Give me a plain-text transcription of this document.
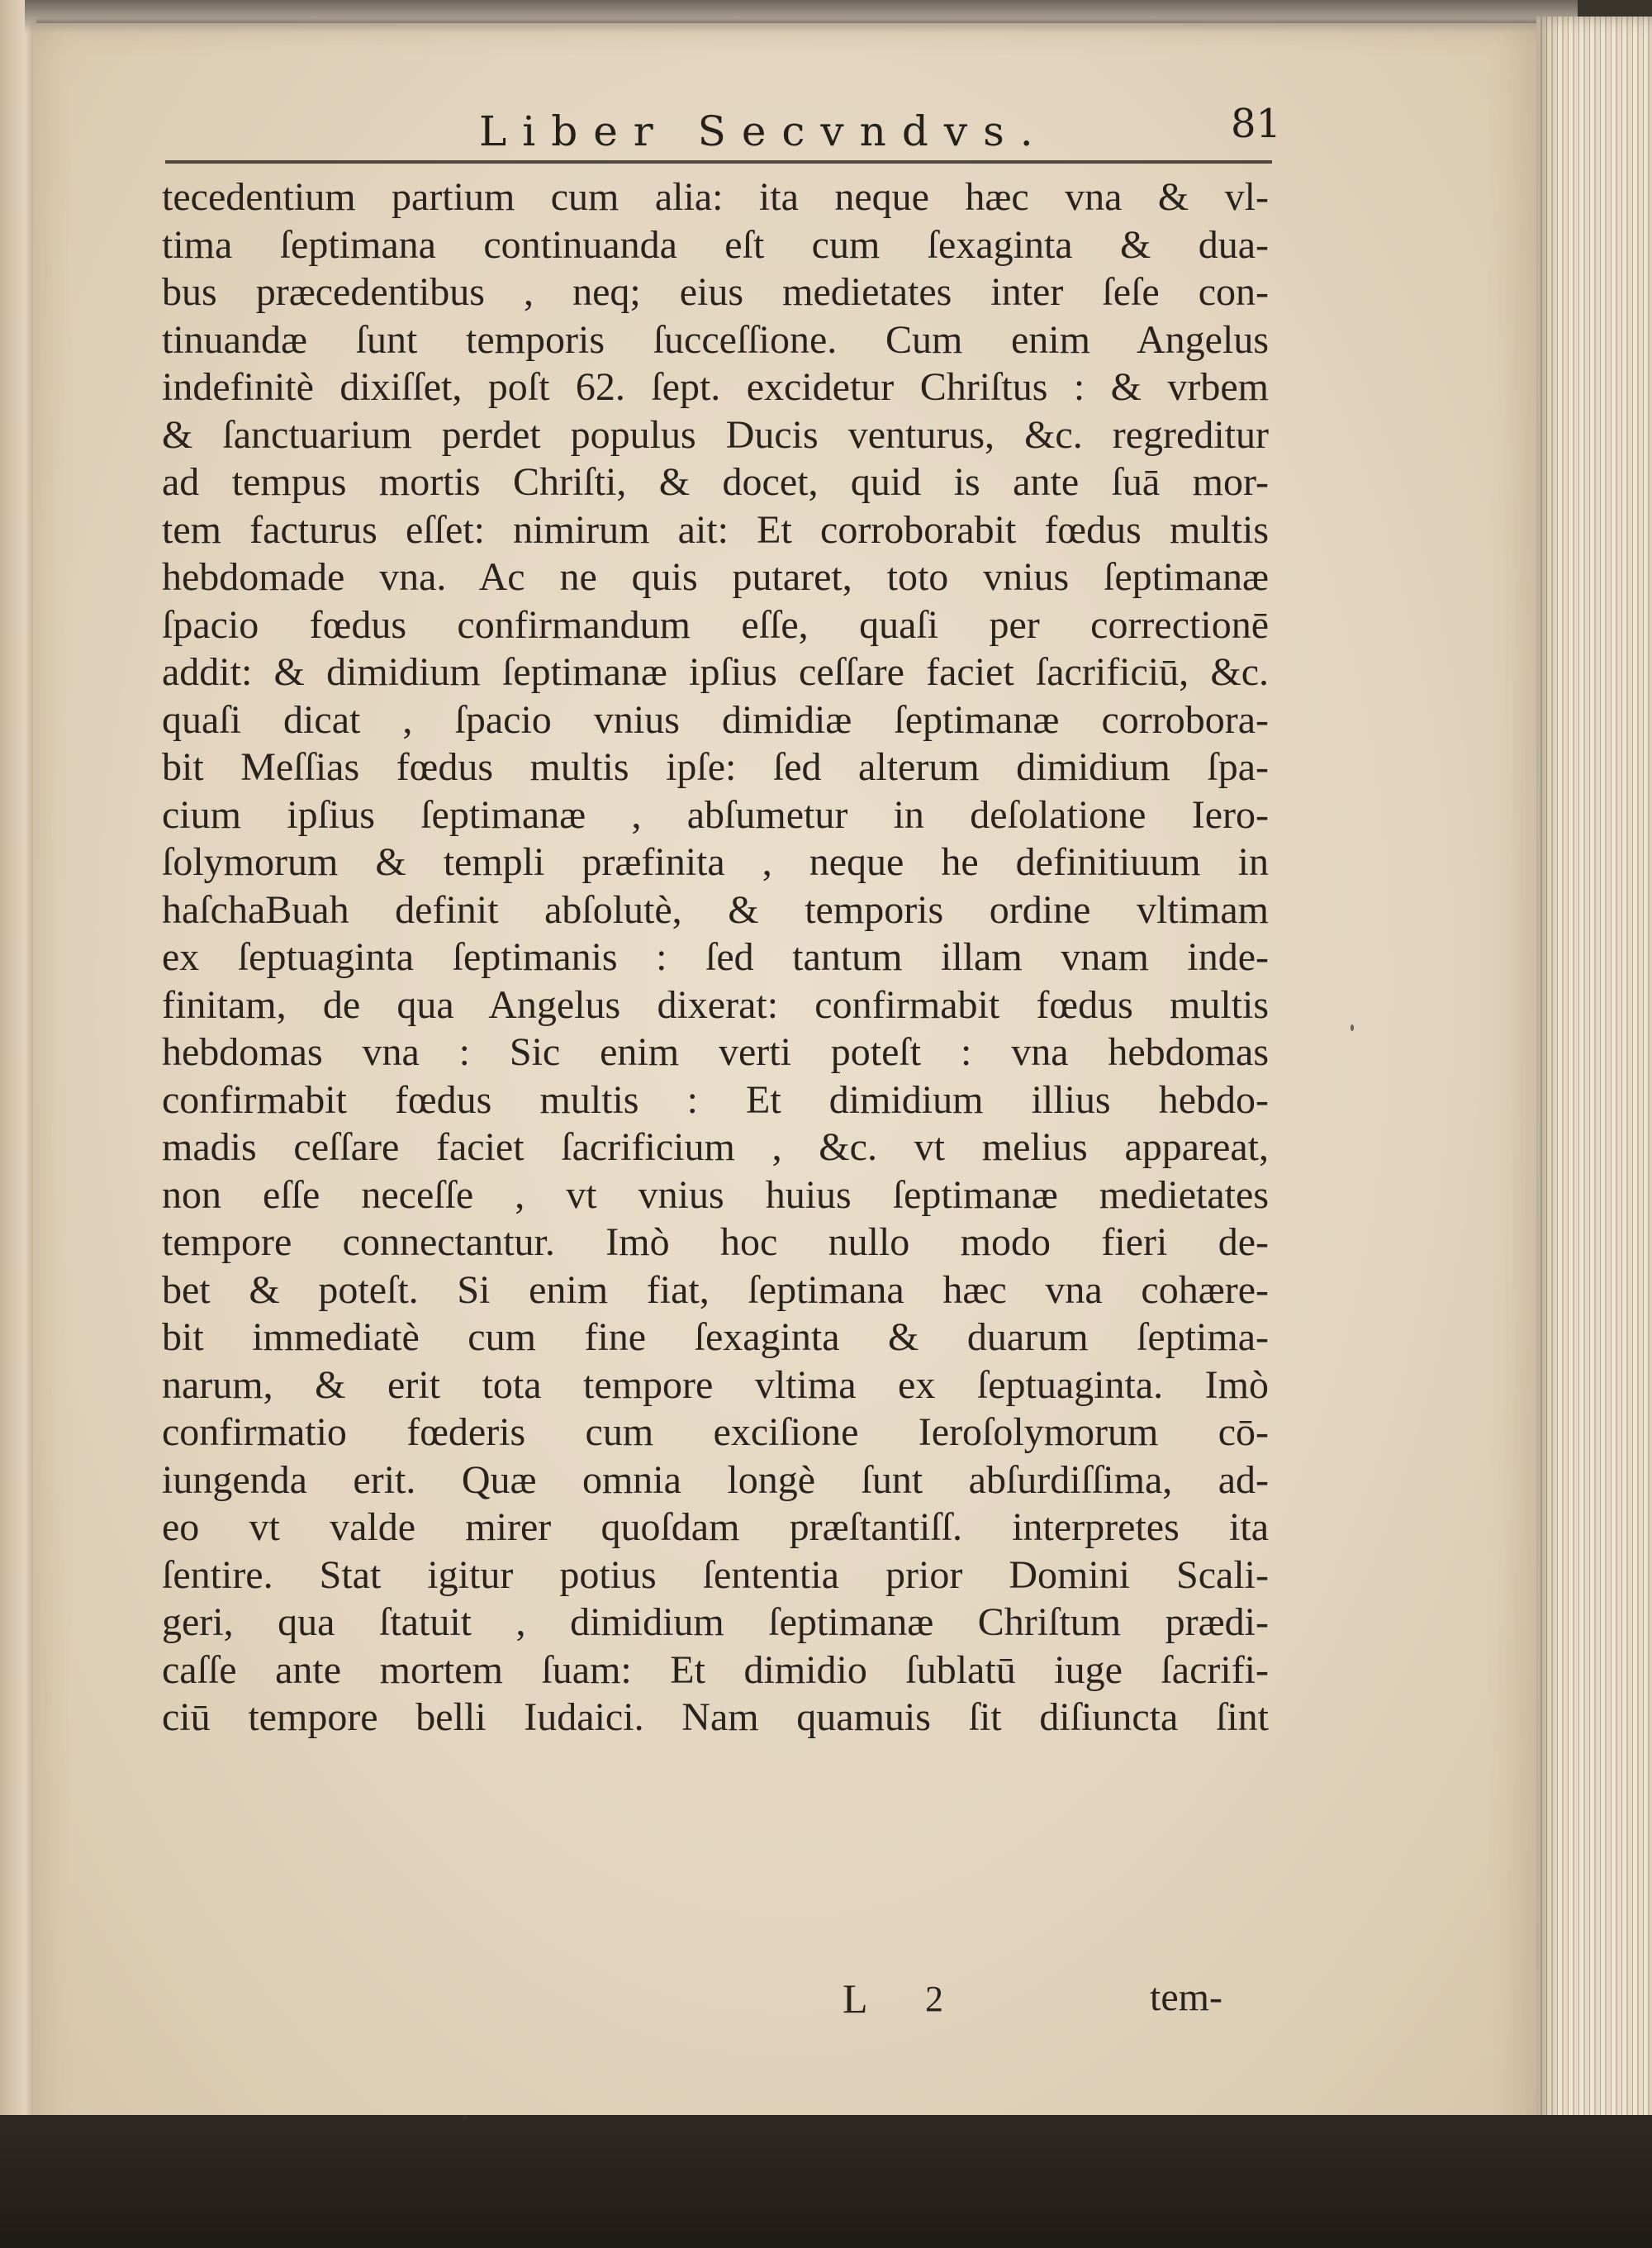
Liber Secvndvs.	81
tecedentium partium cum alia: ita neque hæc vna & vl-
tima ſeptimana continuanda eſt cum ſexaginta & dua-
bus præcedentibus , neq; eius medietates inter ſeſe con-
tinuandæ ſunt temporis ſucceſſione. Cum enim Angelus
indefinitè dixiſſet, poſt 62. ſept. excidetur Chriſtus : & vrbem
& ſanctuarium perdet populus Ducis venturus, &c. regreditur
ad tempus mortis Chriſti, & docet, quid is ante ſuā mor-
tem facturus eſſet: nimirum ait: Et corroborabit fœdus multis
hebdomade vna. Ac ne quis putaret, toto vnius ſeptimanæ
ſpacio fœdus confirmandum eſſe, quaſi per correctionē
addit: & dimidium ſeptimanæ ipſius ceſſare faciet ſacrificiū, &c.
quaſi dicat , ſpacio vnius dimidiæ ſeptimanæ corrobora-
bit Meſſias fœdus multis ipſe: ſed alterum dimidium ſpa-
cium ipſius ſeptimanæ , abſumetur in deſolatione Iero-
ſolymorum & templi præfinita , neque he definitiuum in
haſchaBuah definit abſolutè, & temporis ordine vltimam
ex ſeptuaginta ſeptimanis : ſed tantum illam vnam inde-
finitam, de qua Angelus dixerat: confirmabit fœdus multis
hebdomas vna : Sic enim verti poteſt : vna hebdomas
confirmabit fœdus multis : Et dimidium illius hebdo-
madis ceſſare faciet ſacrificium , &c. vt melius appareat,
non eſſe neceſſe , vt vnius huius ſeptimanæ medietates
tempore connectantur. Imò hoc nullo modo fieri de-
bet & poteſt. Si enim fiat, ſeptimana hæc vna cohære-
bit immediatè cum fine ſexaginta & duarum ſeptima-
narum, & erit tota tempore vltima ex ſeptuaginta. Imò
confirmatio fœderis cum exciſione Ieroſolymorum cō-
iungenda erit. Quæ omnia longè ſunt abſurdiſſima, ad-
eo vt valde mirer quoſdam præſtantiſſ. interpretes ita
ſentire. Stat igitur potius ſententia prior Domini Scali-
geri, qua ſtatuit , dimidium ſeptimanæ Chriſtum prædi-
caſſe ante mortem ſuam: Et dimidio ſublatū iuge ſacrifi-
ciū tempore belli Iudaici. Nam quamuis ſit diſiuncta ſint
L 2	tem-
